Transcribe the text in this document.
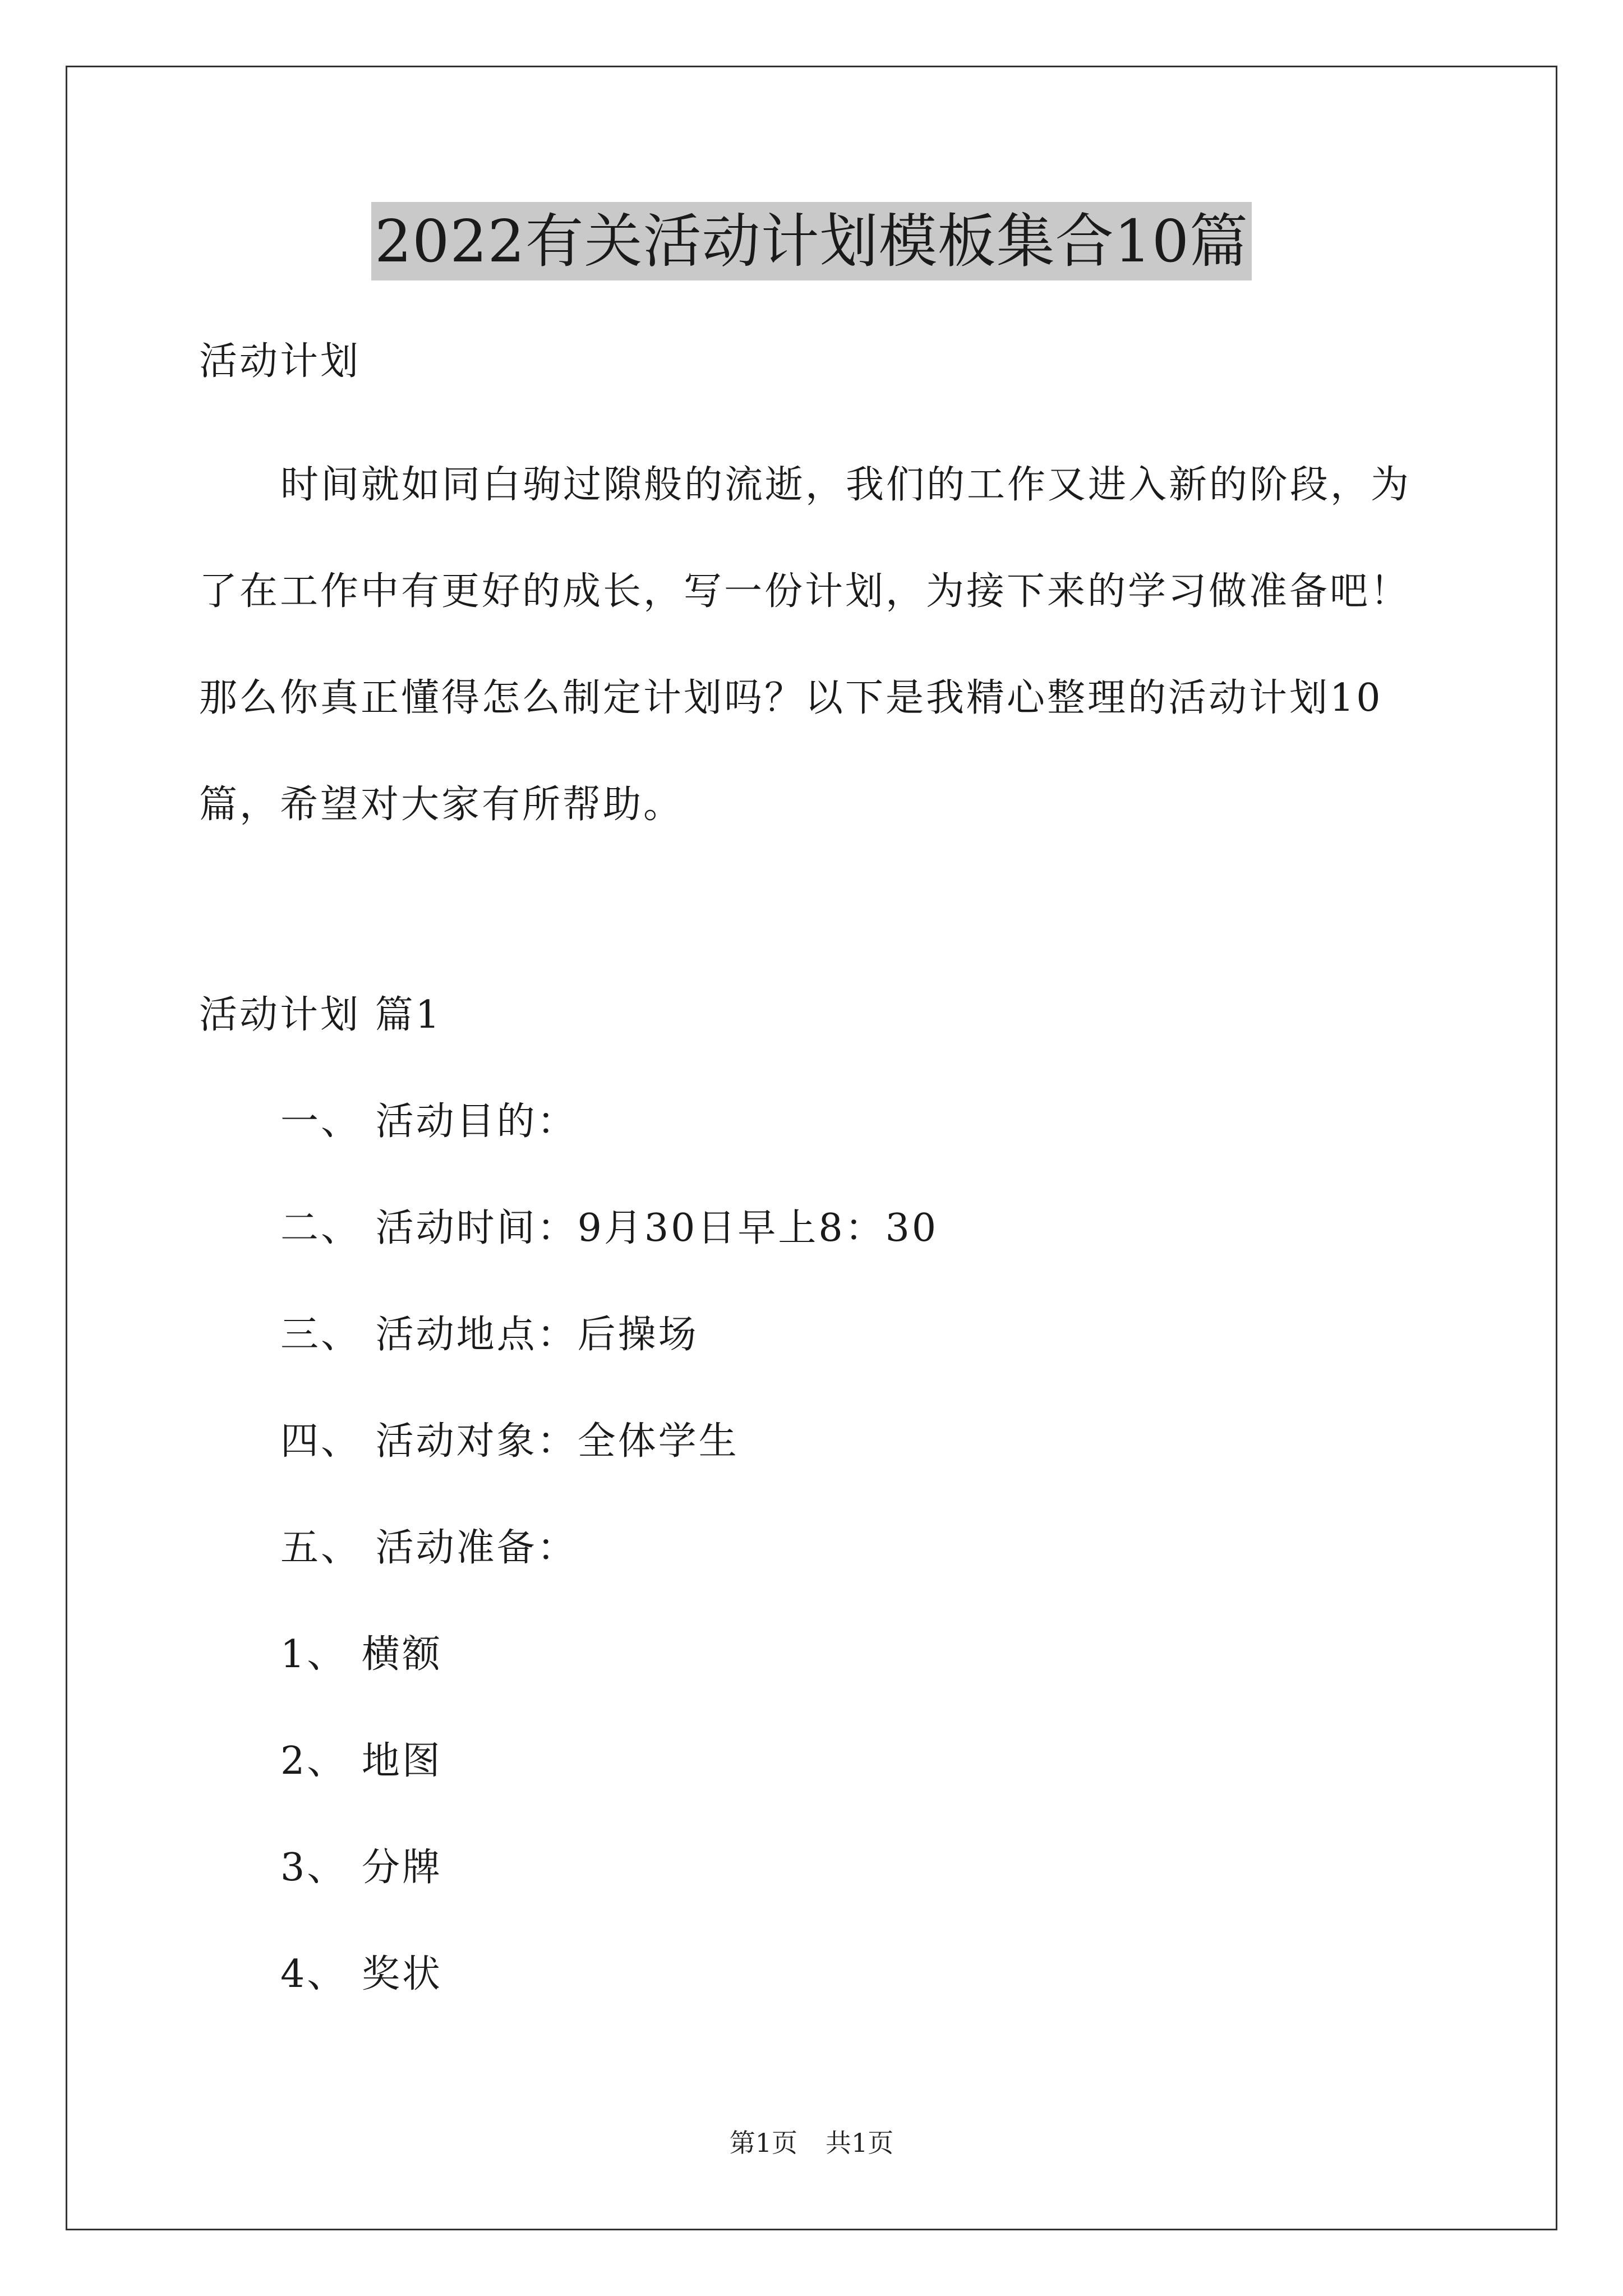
2022有关活动计划模板集合10篇
活动计划
时间就如同白驹过隙般的流逝，我们的工作又进入新的阶段，为
了在工作中有更好的成长，写一份计划，为接下来的学习做准备吧！
那么你真正懂得怎么制定计划吗？以下是我精心整理的活动计划10
篇，希望对大家有所帮助。
活动计划 篇1
一、 活动目的：
二、 活动时间：9月30日早上8：30
三、 活动地点：后操场
四、 活动对象：全体学生
五、 活动准备：
1、 横额
2、 地图
3、 分牌
4、 奖状
第1页 共1页
